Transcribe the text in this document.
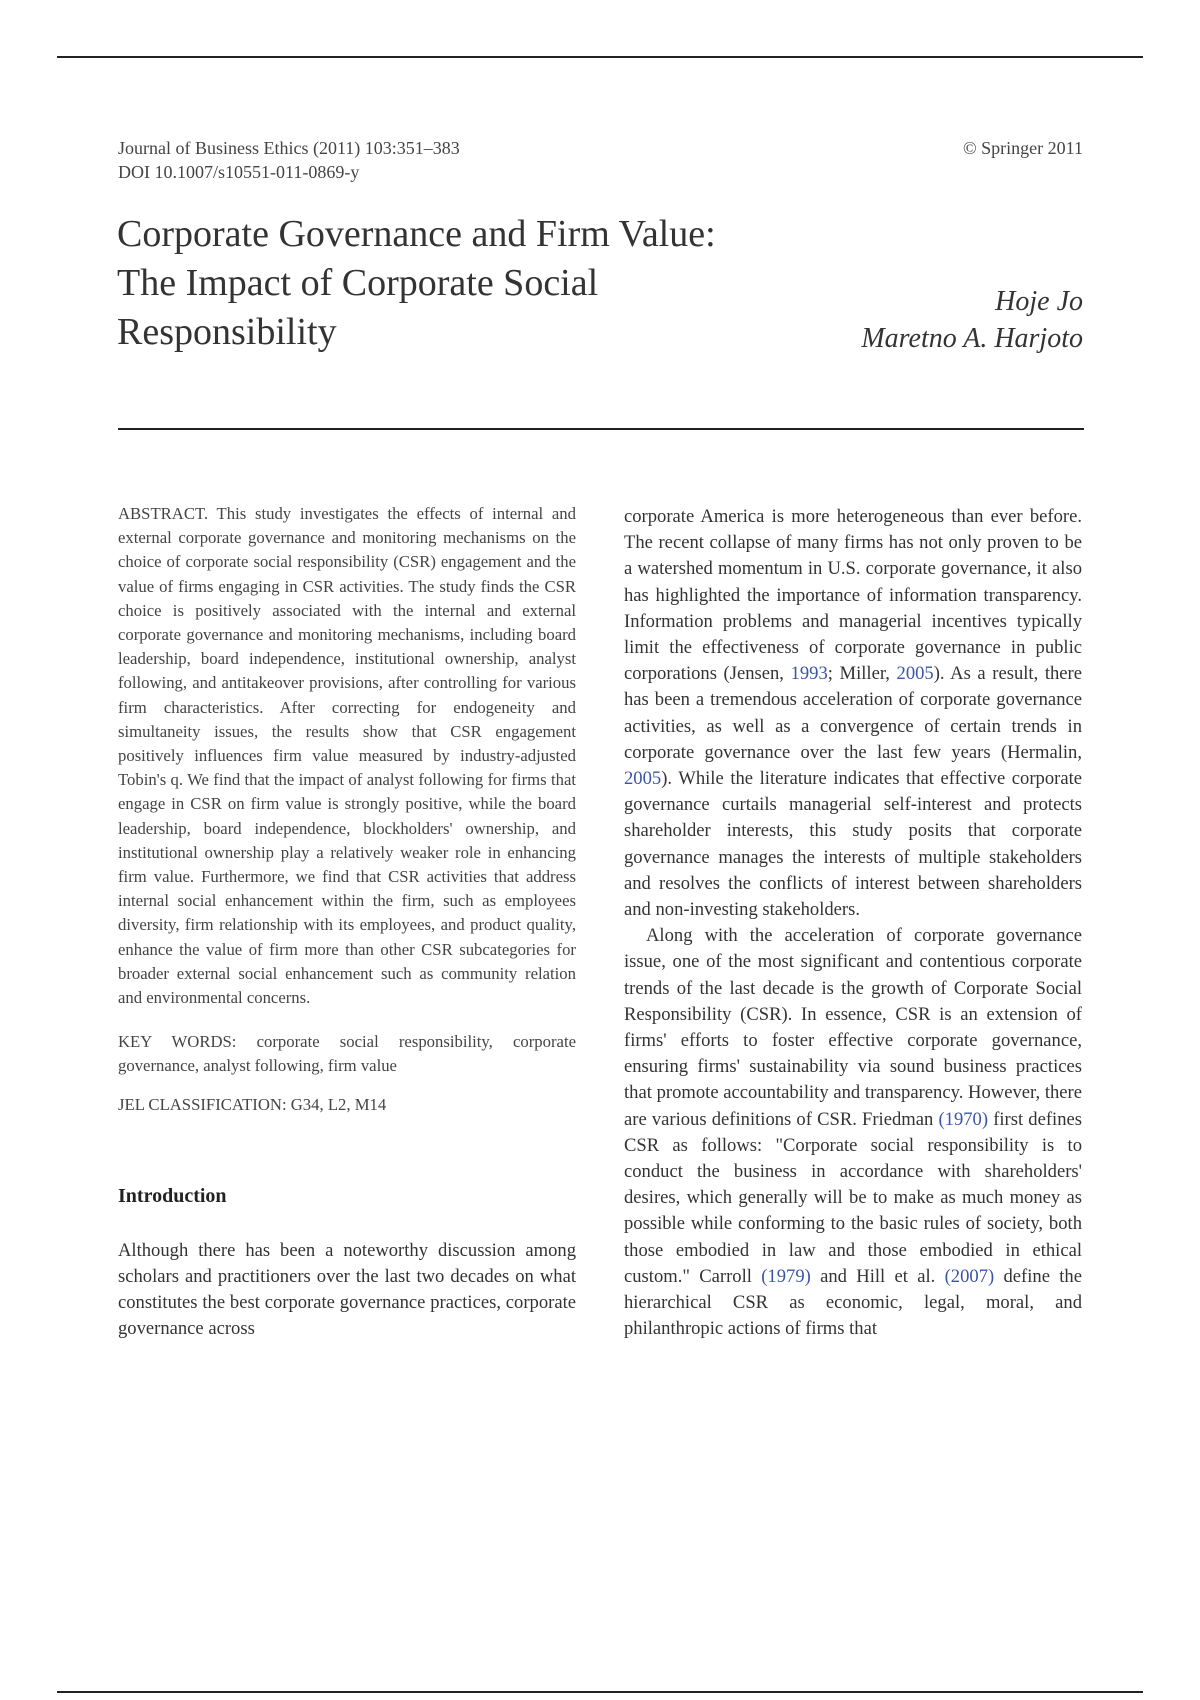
Journal of Business Ethics (2011) 103:351–383
DOI 10.1007/s10551-011-0869-y
© Springer 2011
Corporate Governance and Firm Value:
The Impact of Corporate Social
Responsibility
Hoje Jo
Maretno A. Harjoto

ABSTRACT. This study investigates the effects of internal and external corporate governance and monitoring mechanisms on the choice of corporate social responsibility (CSR) engagement and the value of firms engaging in CSR activities. The study finds the CSR choice is positively associated with the internal and external corporate governance and monitoring mechanisms, including board leadership, board independence, institutional ownership, analyst following, and antitakeover provisions, after controlling for various firm characteristics. After correcting for endogeneity and simultaneity issues, the results show that CSR engagement positively influences firm value measured by industry-adjusted Tobin's q. We find that the impact of analyst following for firms that engage in CSR on firm value is strongly positive, while the board leadership, board independence, blockholders' ownership, and institutional ownership play a relatively weaker role in enhancing firm value. Furthermore, we find that CSR activities that address internal social enhancement within the firm, such as employees diversity, firm relationship with its employees, and product quality, enhance the value of firm more than other CSR subcategories for broader external social enhancement such as community relation and environmental concerns.

KEY WORDS: corporate social responsibility, corporate governance, analyst following, firm value

JEL CLASSIFICATION: G34, L2, M14

Introduction

Although there has been a noteworthy discussion among scholars and practitioners over the last two decades on what constitutes the best corporate governance practices, corporate governance across

corporate America is more heterogeneous than ever before. The recent collapse of many firms has not only proven to be a watershed momentum in U.S. corporate governance, it also has highlighted the importance of information transparency. Information problems and managerial incentives typically limit the effectiveness of corporate governance in public corporations (Jensen, 1993; Miller, 2005). As a result, there has been a tremendous acceleration of corporate governance activities, as well as a convergence of certain trends in corporate governance over the last few years (Hermalin, 2005). While the literature indicates that effective corporate governance curtails managerial self-interest and protects shareholder interests, this study posits that corporate governance manages the interests of multiple stakeholders and resolves the conflicts of interest between shareholders and non-investing stakeholders.

Along with the acceleration of corporate governance issue, one of the most significant and contentious corporate trends of the last decade is the growth of Corporate Social Responsibility (CSR). In essence, CSR is an extension of firms' efforts to foster effective corporate governance, ensuring firms' sustainability via sound business practices that promote accountability and transparency. However, there are various definitions of CSR. Friedman (1970) first defines CSR as follows: "Corporate social responsibility is to conduct the business in accordance with shareholders' desires, which generally will be to make as much money as possible while conforming to the basic rules of society, both those embodied in law and those embodied in ethical custom." Carroll (1979) and Hill et al. (2007) define the hierarchical CSR as economic, legal, moral, and philanthropic actions of firms that
